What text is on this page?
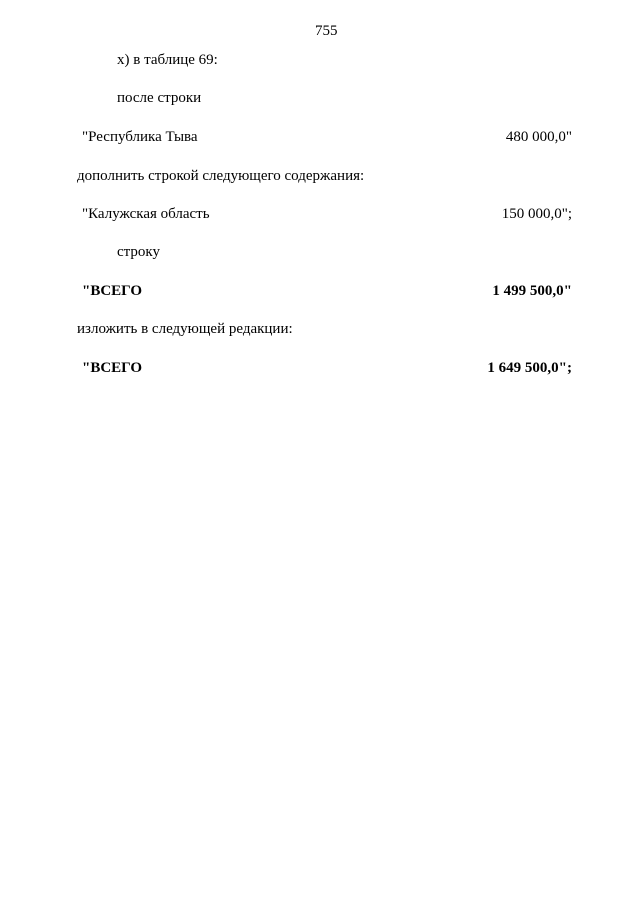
755
х) в таблице 69:
после строки
"Республика Тыва	480 000,0"
дополнить строкой следующего содержания:
"Калужская область	150 000,0";
строку
"ВСЕГО	1 499 500,0"
изложить в следующей редакции:
"ВСЕГО	1 649 500,0";
